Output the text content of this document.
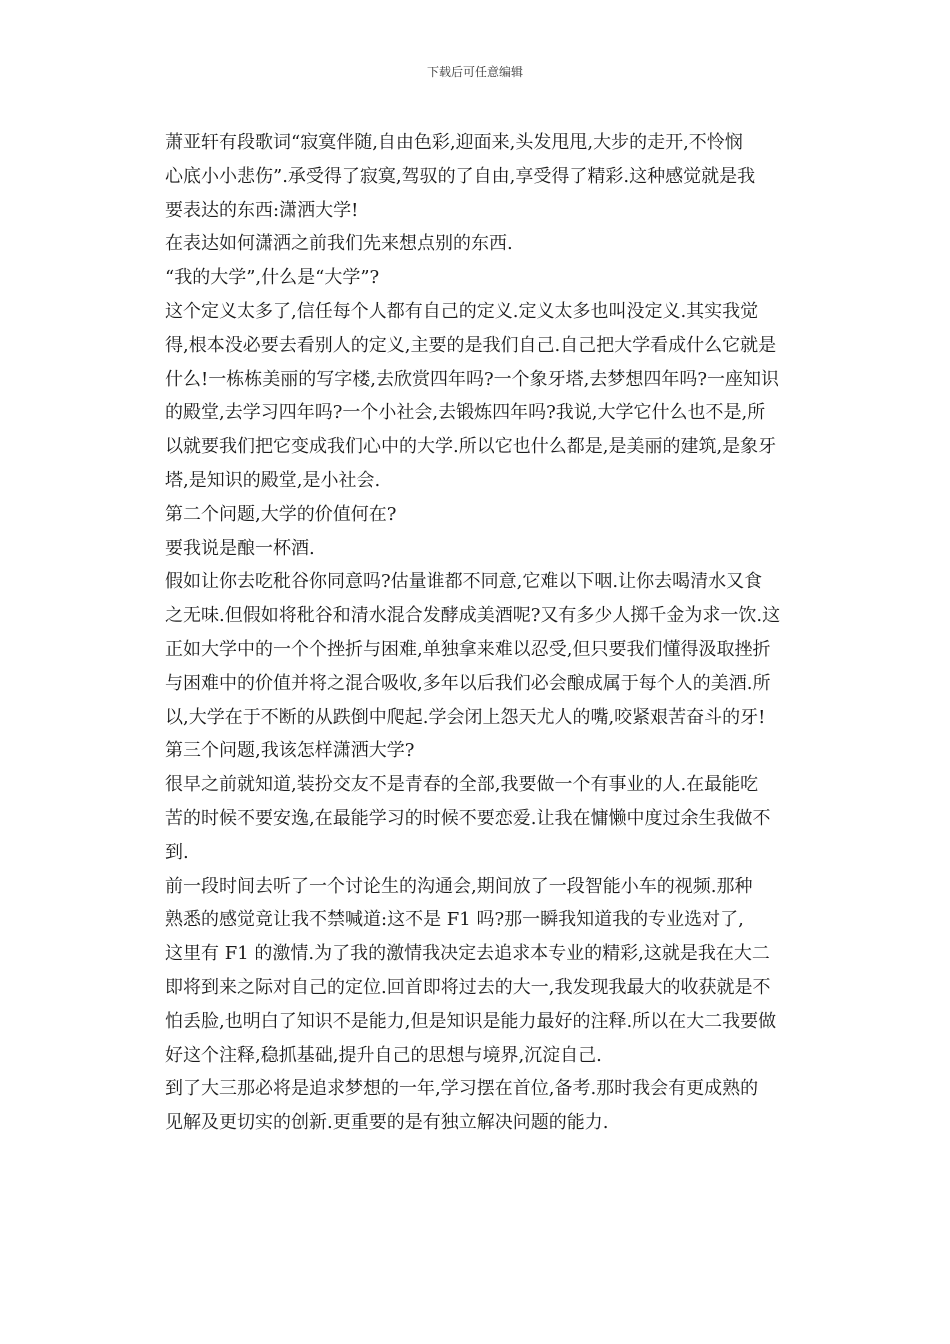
下载后可任意编辑

萧亚轩有段歌词“寂寞伴随,自由色彩,迎面来,头发甩甩,大步的走开,不怜悯
心底小小悲伤”.承受得了寂寞,驾驭的了自由,享受得了精彩.这种感觉就是我
要表达的东西:潇洒大学!

在表达如何潇洒之前我们先来想点别的东西.

“我的大学”,什么是“大学”?

这个定义太多了,信任每个人都有自己的定义.定义太多也叫没定义.其实我觉
得,根本没必要去看别人的定义,主要的是我们自己.自己把大学看成什么它就是
什么!一栋栋美丽的写字楼,去欣赏四年吗?一个象牙塔,去梦想四年吗?一座知识
的殿堂,去学习四年吗?一个小社会,去锻炼四年吗?我说,大学它什么也不是,所
以就要我们把它变成我们心中的大学.所以它也什么都是,是美丽的建筑,是象牙
塔,是知识的殿堂,是小社会.

第二个问题,大学的价值何在?

要我说是酿一杯酒.

假如让你去吃秕谷你同意吗?估量谁都不同意,它难以下咽.让你去喝清水又食
之无味.但假如将秕谷和清水混合发酵成美酒呢?又有多少人掷千金为求一饮.这
正如大学中的一个个挫折与困难,单独拿来难以忍受,但只要我们懂得汲取挫折
与困难中的价值并将之混合吸收,多年以后我们必会酿成属于每个人的美酒.所
以,大学在于不断的从跌倒中爬起.学会闭上怨天尤人的嘴,咬紧艰苦奋斗的牙!

第三个问题,我该怎样潇洒大学?

很早之前就知道,装扮交友不是青春的全部,我要做一个有事业的人.在最能吃
苦的时候不要安逸,在最能学习的时候不要恋爱.让我在慵懒中度过余生我做不
到.

前一段时间去听了一个讨论生的沟通会,期间放了一段智能小车的视频.那种
熟悉的感觉竟让我不禁喊道:这不是 F1 吗?那一瞬我知道我的专业选对了,

这里有 F1 的激情.为了我的激情我决定去追求本专业的精彩,这就是我在大二
即将到来之际对自己的定位.回首即将过去的大一,我发现我最大的收获就是不
怕丢脸,也明白了知识不是能力,但是知识是能力最好的注释.所以在大二我要做
好这个注释,稳抓基础,提升自己的思想与境界,沉淀自己.

到了大三那必将是追求梦想的一年,学习摆在首位,备考.那时我会有更成熟的
见解及更切实的创新.更重要的是有独立解决问题的能力.
